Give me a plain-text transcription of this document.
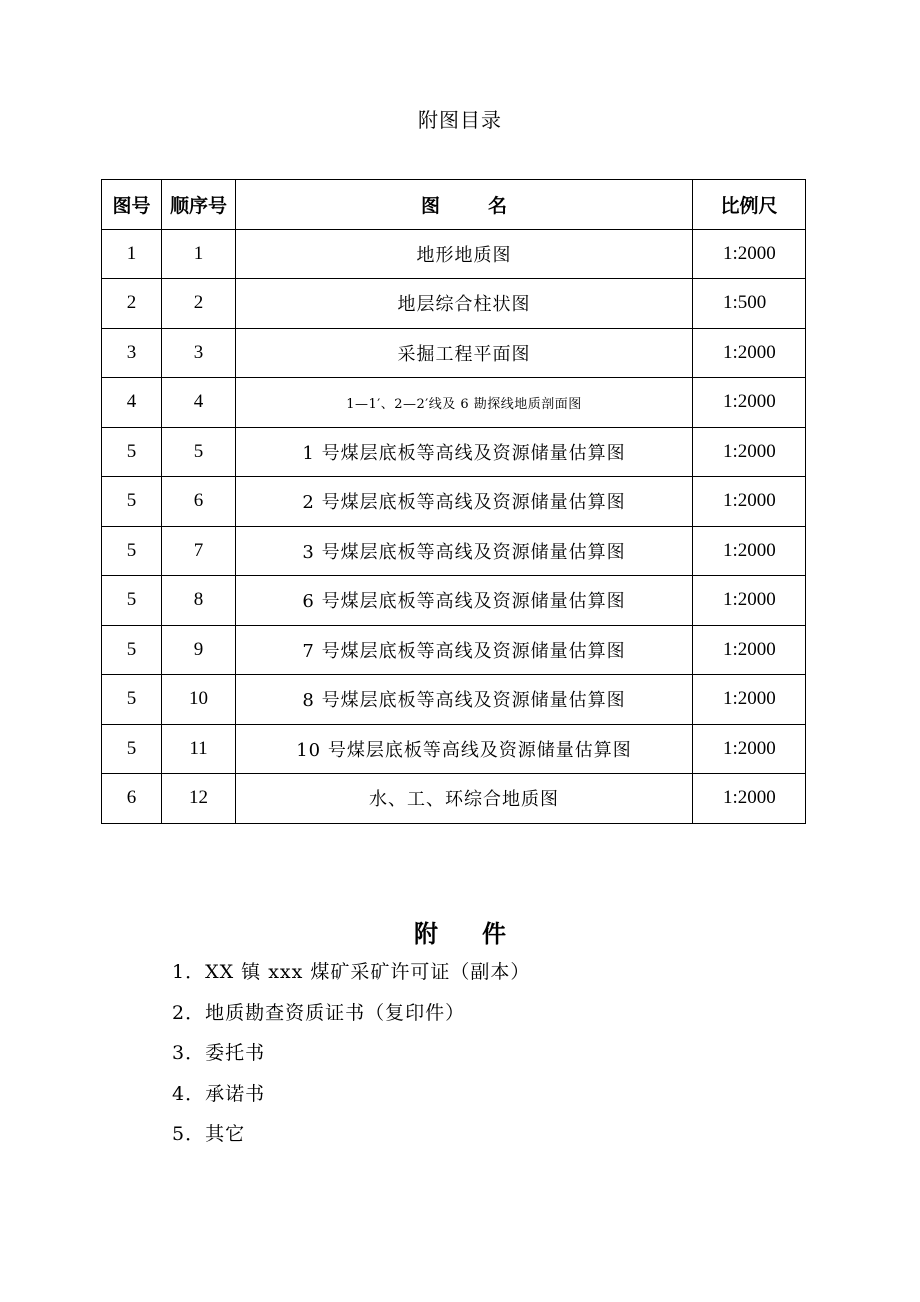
附图目录
图号	顺序号	图名	比例尺
1	1	地形地质图	1:2000
2	2	地层综合柱状图	1:500
3	3	采掘工程平面图	1:2000
4	4	1—1′、2—2′线及 6 勘探线地质剖面图	1:2000
5	5	1 号煤层底板等高线及资源储量估算图	1:2000
5	6	2 号煤层底板等高线及资源储量估算图	1:2000
5	7	3 号煤层底板等高线及资源储量估算图	1:2000
5	8	6 号煤层底板等高线及资源储量估算图	1:2000
5	9	7 号煤层底板等高线及资源储量估算图	1:2000
5	10	8 号煤层底板等高线及资源储量估算图	1:2000
5	11	10 号煤层底板等高线及资源储量估算图	1:2000
6	12	水、工、环综合地质图	1:2000
附件
1．XX 镇 xxx 煤矿采矿许可证（副本）
2．地质勘查资质证书（复印件）
3．委托书
4．承诺书
5．其它
